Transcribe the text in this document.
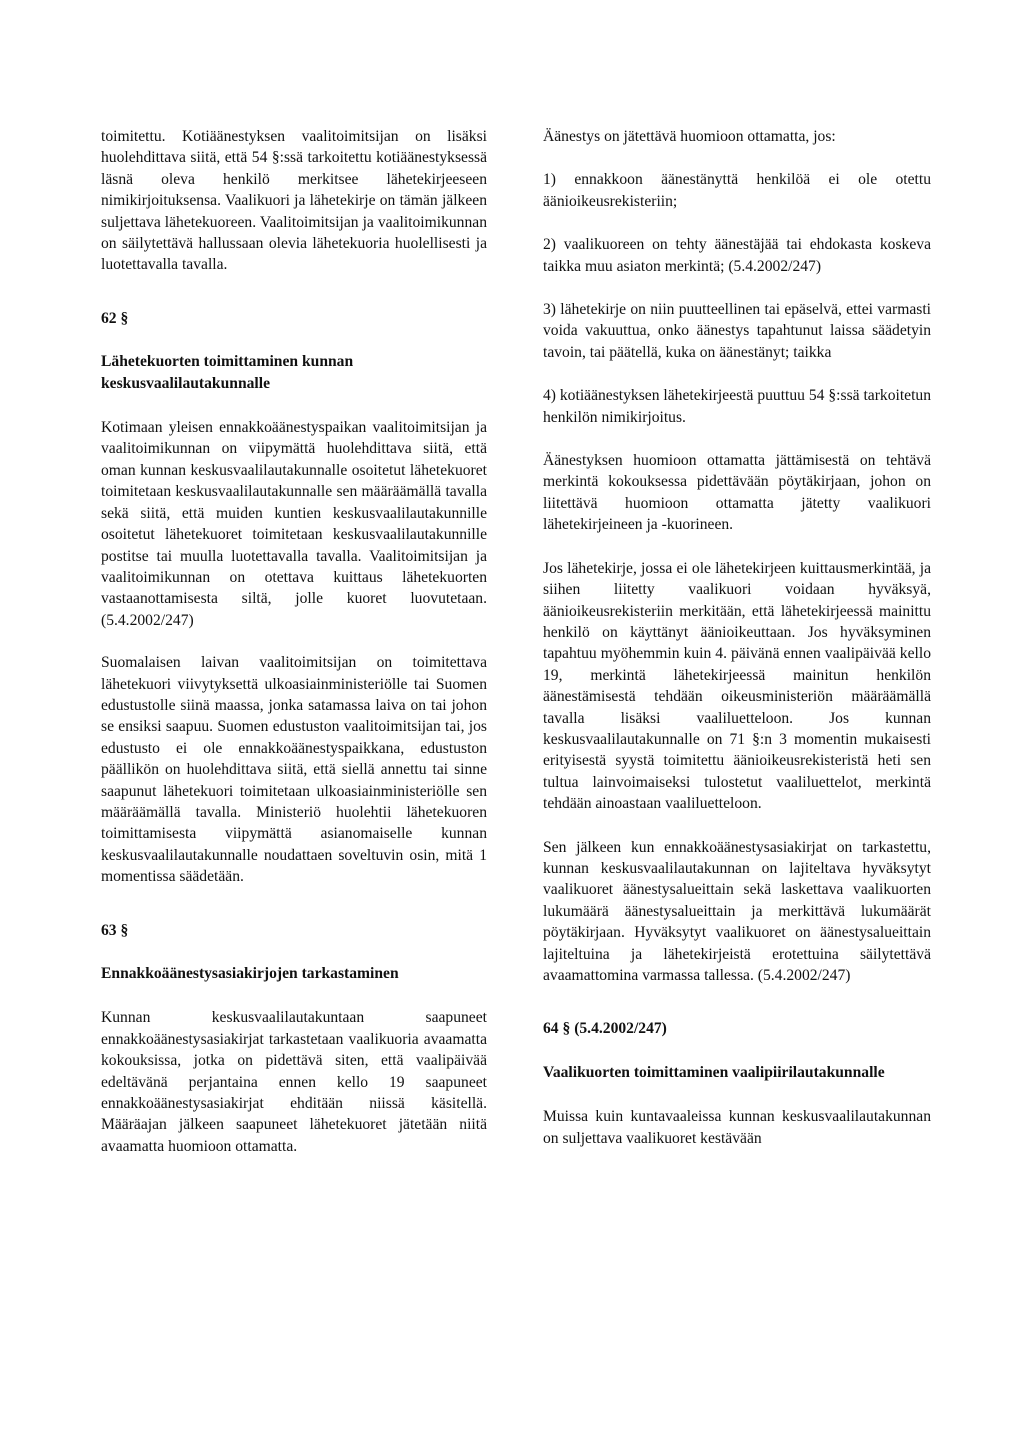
toimitettu. Kotiäänestyksen vaalitoimitsijan on lisäksi huolehdittava siitä, että 54 §:ssä tarkoitettu kotiäänestyksessä läsnä oleva henkilö merkitsee lähetekirjeeseen nimikirjoituksensa. Vaalikuori ja lähetekirje on tämän jälkeen suljettava lähetekuoreen. Vaalitoimitsijan ja vaalitoimikunnan on säilytettävä hallussaan olevia lähetekuoria huolellisesti ja luotettavalla tavalla.

62 §
Lähetekuorten toimittaminen kunnan keskusvaalilautakunnalle

Kotimaan yleisen ennakkoäänestyspaikan vaalitoimitsijan ja vaalitoimikunnan on viipymättä huolehdittava siitä, että oman kunnan keskusvaalilautakunnalle osoitetut lähetekuoret toimitetaan keskusvaalilautakunnalle sen määräämällä tavalla sekä siitä, että muiden kuntien keskusvaalilautakunnille osoitetut lähetekuoret toimitetaan keskusvaalilautakunnille postitse tai muulla luotettavalla tavalla. Vaalitoimitsijan ja vaalitoimikunnan on otettava kuittaus lähetekuorten vastaanottamisesta siltä, jolle kuoret luovutetaan. (5.4.2002/247)

Suomalaisen laivan vaalitoimitsijan on toimitettava lähetekuori viivytyksettä ulkoasiainministeriölle tai Suomen edustustolle siinä maassa, jonka satamassa laiva on tai johon se ensiksi saapuu. Suomen edustuston vaalitoimitsijan tai, jos edustusto ei ole ennakkoäänestyspaikkana, edustuston päällikön on huolehdittava siitä, että siellä annettu tai sinne saapunut lähetekuori toimitetaan ulkoasiainministeriölle sen määräämällä tavalla. Ministeriö huolehtii lähetekuoren toimittamisesta viipymättä asianomaiselle kunnan keskusvaalilautakunnalle noudattaen soveltuvin osin, mitä 1 momentissa säädetään.

63 §
Ennakkoäänestysasiakirjojen tarkastaminen

Kunnan keskusvaalilautakuntaan saapuneet ennakkoäänestysasiakirjat tarkastetaan vaalikuoria avaamatta kokouksissa, jotka on pidettävä siten, että vaalipäivää edeltävänä perjantaina ennen kello 19 saapuneet ennakkoäänestysasiakirjat ehditään niissä käsitellä. Määräajan jälkeen saapuneet lähetekuoret jätetään niitä avaamatta huomioon ottamatta.

Äänestys on jätettävä huomioon ottamatta, jos:

1) ennakkoon äänestänyttä henkilöä ei ole otettu äänioikeusrekisteriin;

2) vaalikuoreen on tehty äänestäjää tai ehdokasta koskeva taikka muu asiaton merkintä; (5.4.2002/247)

3) lähetekirje on niin puutteellinen tai epäselvä, ettei varmasti voida vakuuttua, onko äänestys tapahtunut laissa säädetyin tavoin, tai päätellä, kuka on äänestänyt; taikka

4) kotiäänestyksen lähetekirjeestä puuttuu 54 §:ssä tarkoitetun henkilön nimikirjoitus.

Äänestyksen huomioon ottamatta jättämisestä on tehtävä merkintä kokouksessa pidettävään pöytäkirjaan, johon on liitettävä huomioon ottamatta jätetty vaalikuori lähetekirjeineen ja -kuorineen.

Jos lähetekirje, jossa ei ole lähetekirjeen kuittausmerkintää, ja siihen liitetty vaalikuori voidaan hyväksyä, äänioikeusrekisteriin merkitään, että lähetekirjeessä mainittu henkilö on käyttänyt äänioikeuttaan. Jos hyväksyminen tapahtuu myöhemmin kuin 4. päivänä ennen vaalipäivää kello 19, merkintä lähetekirjeessä mainitun henkilön äänestämisestä tehdään oikeusministeriön määräämällä tavalla lisäksi vaaliluetteloon. Jos kunnan keskusvaalilautakunnalle on 71 §:n 3 momentin mukaisesti erityisestä syystä toimitettu äänioikeusrekisteristä heti sen tultua lainvoimaiseksi tulostetut vaaliluettelot, merkintä tehdään ainoastaan vaaliluetteloon.

Sen jälkeen kun ennakkoäänestysasiakirjat on tarkastettu, kunnan keskusvaalilautakunnan on lajiteltava hyväksytyt vaalikuoret äänestysalueittain sekä laskettava vaalikuorten lukumäärä äänestysalueittain ja merkittävä lukumäärät pöytäkirjaan. Hyväksytyt vaalikuoret on äänestysalueittain lajiteltuina ja lähetekirjeistä erotettuina säilytettävä avaamattomina varmassa tallessa. (5.4.2002/247)

64 § (5.4.2002/247)
Vaalikuorten toimittaminen vaalipiirilautakunnalle

Muissa kuin kuntavaaleissa kunnan keskusvaalilautakunnan on suljettava vaalikuoret kestävään
